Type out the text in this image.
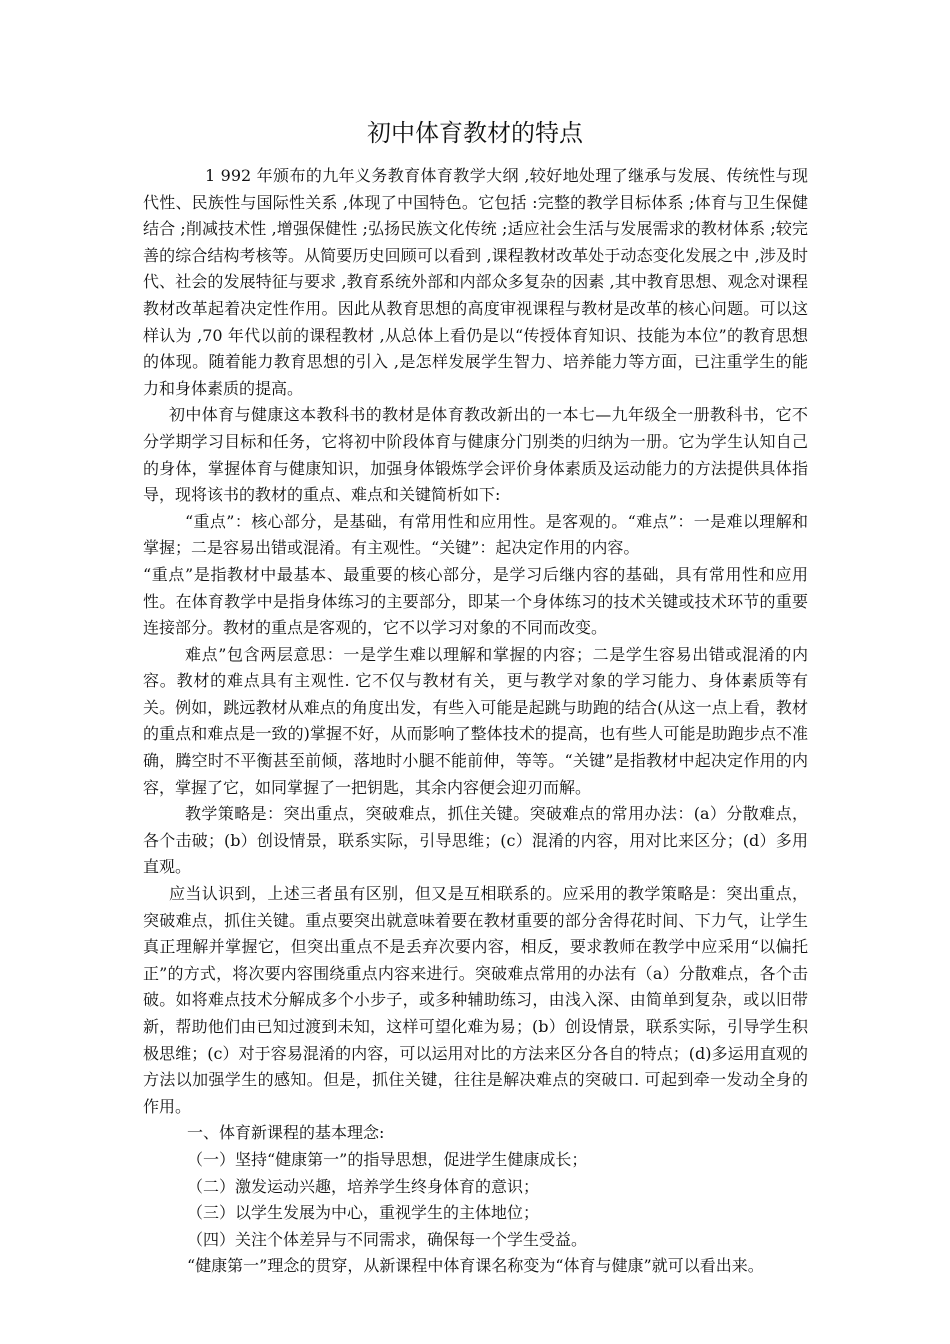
初中体育教材的特点

1 992 年颁布的九年义务教育体育教学大纲 ,较好地处理了继承与发展、传统性与现代性、民族性与国际性关系 ,体现了中国特色。它包括 :完整的教学目标体系 ;体育与卫生保健结合 ;削减技术性 ,增强保健性 ;弘扬民族文化传统 ;适应社会生活与发展需求的教材体系 ;较完善的综合结构考核等。从简要历史回顾可以看到 ,课程教材改革处于动态变化发展之中 ,涉及时代、社会的发展特征与要求 ,教育系统外部和内部众多复杂的因素 ,其中教育思想、观念对课程教材改革起着决定性作用。因此从教育思想的高度审视课程与教材是改革的核心问题。可以这样认为 ,70 年代以前的课程教材 ,从总体上看仍是以“传授体育知识、技能为本位”的教育思想的体现。随着能力教育思想的引入 ,是怎样发展学生智力、培养能力等方面，已注重学生的能力和身体素质的提高。

初中体育与健康这本教科书的教材是体育教改新出的一本七—九年级全一册教科书，它不分学期学习目标和任务，它将初中阶段体育与健康分门别类的归纳为一册。它为学生认知自己的身体，掌握体育与健康知识，加强身体锻炼学会评价身体素质及运动能力的方法提供具体指导，现将该书的教材的重点、难点和关键简析如下:

“重点”：核心部分，是基础，有常用性和应用性。是客观的。“难点”：一是难以理解和掌握；二是容易出错或混淆。有主观性。“关键”：起决定作用的内容。

“重点”是指教材中最基本、最重要的核心部分，是学习后继内容的基础，具有常用性和应用性。在体育教学中是指身体练习的主要部分，即某一个身体练习的技术关键或技术环节的重要连接部分。教材的重点是客观的，它不以学习对象的不同而改变。

难点”包含两层意思：一是学生难以理解和掌握的内容；二是学生容易出错或混淆的内容。教材的难点具有主观性. 它不仅与教材有关，更与教学对象的学习能力、身体素质等有关。例如，跳远教材从难点的角度出发，有些入可能是起跳与助跑的结合(从这一点上看，教材的重点和难点是一致的)掌握不好，从而影响了整体技术的提高，也有些人可能是助跑步点不准确，腾空时不平衡甚至前倾，落地时小腿不能前伸，等等。“关键”是指教材中起决定作用的内容，掌握了它，如同掌握了一把钥匙，其余内容便会迎刃而解。

教学策略是：突出重点，突破难点，抓住关键。突破难点的常用办法：(a）分散难点，各个击破；(b）创设情景，联系实际，引导思维；(c）混淆的内容，用对比来区分；(d）多用直观。

应当认识到，上述三者虽有区别，但又是互相联系的。应采用的教学策略是：突出重点，突破难点，抓住关键。重点要突出就意味着要在教材重要的部分舍得花时间、下力气，让学生真正理解并掌握它，但突出重点不是丢弃次要内容，相反，要求教师在教学中应采用“以偏托正”的方式，将次要内容围绕重点内容来进行。突破难点常用的办法有（a）分散难点，各个击破。如将难点技术分解成多个小步子，或多种辅助练习，由浅入深、由简单到复杂，或以旧带新，帮助他们由已知过渡到未知，这样可望化难为易；(b）创设情景，联系实际，引导学生积极思维；(c）对于容易混淆的内容，可以运用对比的方法来区分各自的特点；(d)多运用直观的方法以加强学生的感知。但是，抓住关键，往往是解决难点的突破口. 可起到牵一发动全身的作用。

一、体育新课程的基本理念:

（一）坚持“健康第一”的指导思想，促进学生健康成长；

（二）激发运动兴趣，培养学生终身体育的意识；

（三）以学生发展为中心，重视学生的主体地位；

（四）关注个体差异与不同需求，确保每一个学生受益。

“健康第一”理念的贯穿，从新课程中体育课名称变为“体育与健康”就可以看出来。
